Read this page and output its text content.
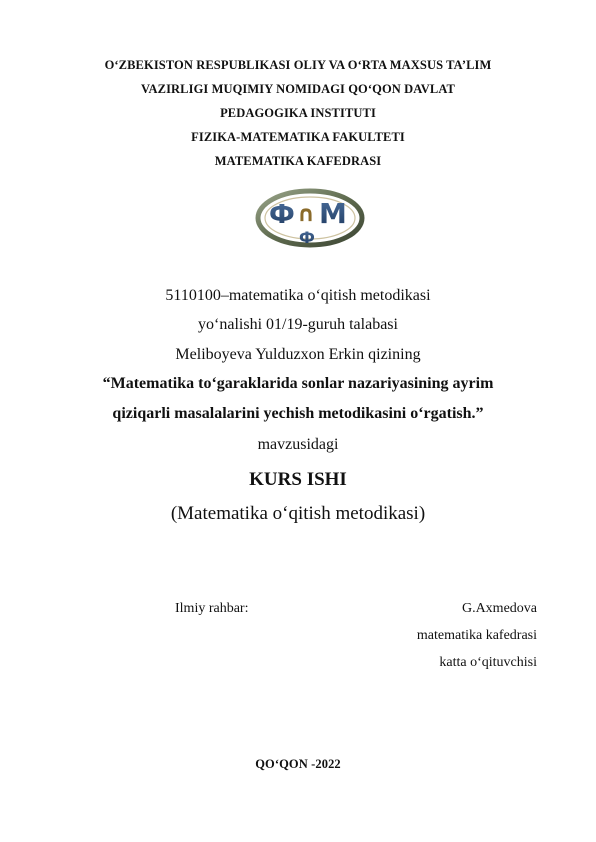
O‘ZBEKISTON RESPUBLIKASI OLIY VA O‘RTA MAXSUS TA’LIM
VAZIRLIGI MUQIMIY NOMIDAGI QO‘QON DAVLAT
PEDAGOGIKA INSTITUTI
FIZIKA-MATEMATIKA FAKULTETI
MATEMATIKA KAFEDRASI
Ф ∩ M
Ф
5110100–matematika o‘qitish metodikasi
yo‘nalishi 01/19-guruh talabasi
Meliboyeva Yulduzxon Erkin qizining
“Matematika to‘garaklarida sonlar nazariyasining ayrim
qiziqarli masalalarini yechish metodikasini o‘rgatish.”
mavzusidagi
KURS ISHI
(Matematika o‘qitish metodikasi)
Ilmiy rahbar:	G.Axmedova
matematika kafedrasi
katta o‘qituvchisi
QO‘QON -2022
